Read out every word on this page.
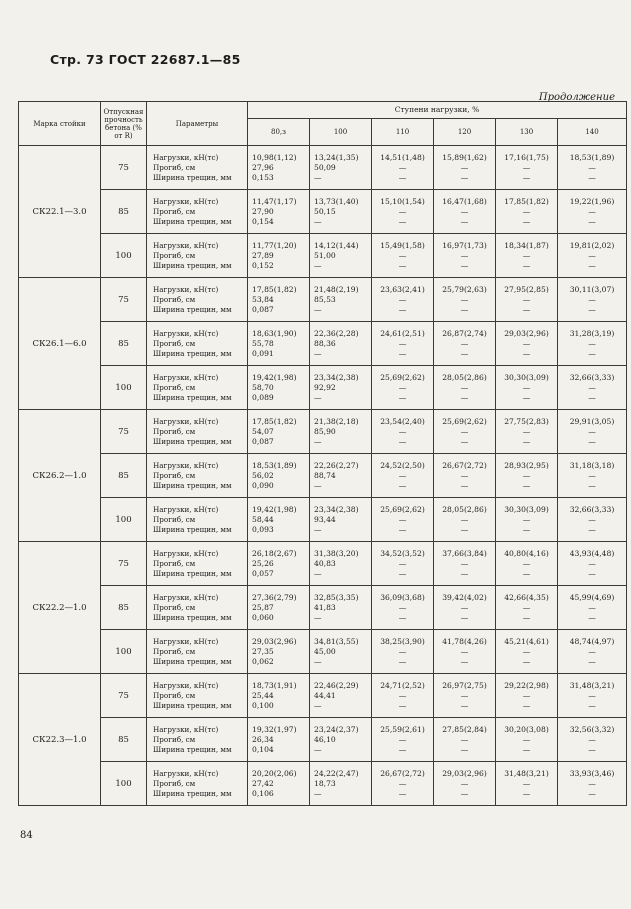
Стр. 73 ГОСТ 22687.1—85
Продолжение
Марка стойки	Отпускная прочность бетона (% от R)	Параметры	Ступени нагрузки, %					
			80,з	100	110	120	130	140
СК22.1—3.0	75	Нагрузки, кН(тс)
Прогиб, см
Ширина трещин, мм	10,98(1,12)
27,96
0,153	13,24(1,35)
50,09
—	14,51(1,48)
—
—	15,89(1,62)
—
—	17,16(1,75)
—
—	18,53(1,89)
—
—

	85	Нагрузки, кН(тс)
Прогиб, см
Ширина трещин, мм	11,47(1,17)
27,90
0,154	13,73(1,40)
50,15
—	15,10(1,54)
—
—	16,47(1,68)
—
—	17,85(1,82)
—
—	19,22(1,96)
—
—

	100	Нагрузки, кН(тс)
Прогиб, см
Ширина трещин, мм	11,77(1,20)
27,89
0,152	14,12(1,44)
51,00
—	15,49(1,58)
—
—	16,97(1,73)
—
—	18,34(1,87)
—
—	19,81(2,02)
—
—

СК26.1—6.0	75	Нагрузки, кН(тс)
Прогиб, см
Ширина трещин, мм	17,85(1,82)
53,84
0,087	21,48(2,19)
85,53
—	23,63(2,41)
—
—	25,79(2,63)
—
—	27,95(2,85)
—
—	30,11(3,07)
—
—

	85	Нагрузки, кН(тс)
Прогиб, см
Ширина трещин, мм	18,63(1,90)
55,78
0,091	22,36(2,28)
88,36
—	24,61(2,51)
—
—	26,87(2,74)
—
—	29,03(2,96)
—
—	31,28(3,19)
—
—

	100	Нагрузки, кН(тс)
Прогиб, см
Ширина трещин, мм	19,42(1,98)
58,70
0,089	23,34(2,38)
92,92
—	25,69(2,62)
—
—	28,05(2,86)
—
—	30,30(3,09)
—
—	32,66(3,33)
—
—

СК26.2—1.0	75	Нагрузки, кН(тс)
Прогиб, см
Ширина трещин, мм	17,85(1,82)
54,07
0,087	21,38(2,18)
85,90
—	23,54(2,40)
—
—	25,69(2,62)
—
—	27,75(2,83)
—
—	29,91(3,05)
—
—

	85	Нагрузки, кН(тс)
Прогиб, см
Ширина трещин, мм	18,53(1,89)
56,02
0,090	22,26(2,27)
88,74
—	24,52(2,50)
—
—	26,67(2,72)
—
—	28,93(2,95)
—
—	31,18(3,18)
—
—

	100	Нагрузки, кН(тс)
Прогиб, см
Ширина трещин, мм	19,42(1,98)
58,44
0,093	23,34(2,38)
93,44
—	25,69(2,62)
—
—	28,05(2,86)
—
—	30,30(3,09)
—
—	32,66(3,33)
—
—

СК22.2—1.0	75	Нагрузки, кН(тс)
Прогиб, см
Ширина трещин, мм	26,18(2,67)
25,26
0,057	31,38(3,20)
40,83
—	34,52(3,52)
—
—	37,66(3,84)
—
—	40,80(4,16)
—
—	43,93(4,48)
—
—

	85	Нагрузки, кН(тс)
Прогиб, см
Ширина трещин, мм	27,36(2,79)
25,87
0,060	32,85(3,35)
41,83
—	36,09(3,68)
—
—	39,42(4,02)
—
—	42,66(4,35)
—
—	45,99(4,69)
—
—

	100	Нагрузки, кН(тс)
Прогиб, см
Ширина трещин, мм	29,03(2,96)
27,35
0,062	34,81(3,55)
45,00
—	38,25(3,90)
—
—	41,78(4,26)
—
—	45,21(4,61)
—
—	48,74(4,97)
—
—

СК22.3—1.0	75	Нагрузки, кН(тс)
Прогиб, см
Ширина трещин, мм	18,73(1,91)
25,44
0,100	22,46(2,29)
44,41
—	24,71(2,52)
—
—	26,97(2,75)
—
—	29,22(2,98)
—
—	31,48(3,21)
—
—

	85	Нагрузки, кН(тс)
Прогиб, см
Ширина трещин, мм	19,32(1,97)
26,34
0,104	23,24(2,37)
46,10
—	25,59(2,61)
—
—	27,85(2,84)
—
—	30,20(3,08)
—
—	32,56(3,32)
—
—

	100	Нагрузки, кН(тс)
Прогиб, см
Ширина трещин, мм	20,20(2,06)
27,42
0,106	24,22(2,47)
18,73
—	26,67(2,72)
—
—	29,03(2,96)
—
—	31,48(3,21)
—
—	33,93(3,46)
—
—
84
